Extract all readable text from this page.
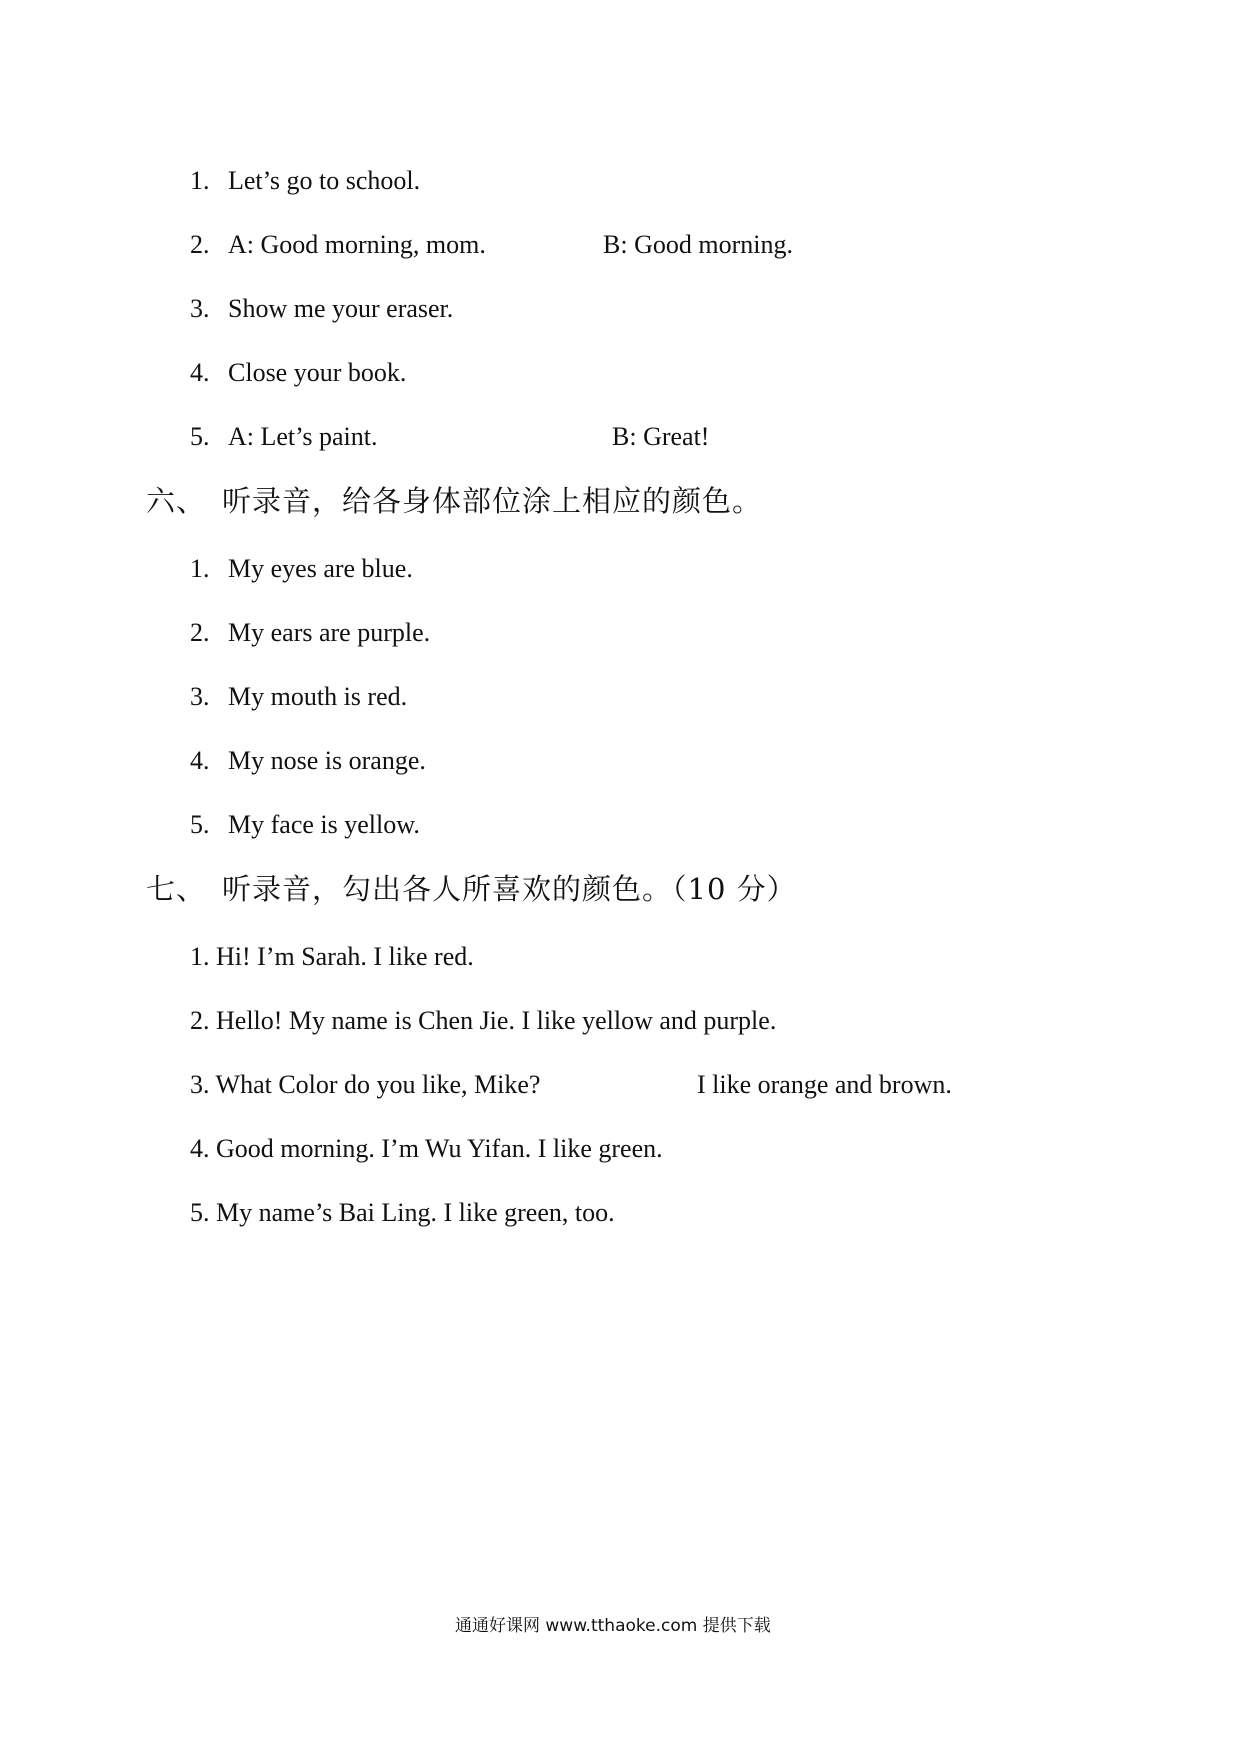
1. Let’s go to school.
2. A: Good morning, mom.	B: Good morning.
3. Show me your eraser.
4. Close your book.
5. A: Let’s paint.	B: Great!
六、 听录音，给各身体部位涂上相应的颜色。
1. My eyes are blue.
2. My ears are purple.
3. My mouth is red.
4. My nose is orange.
5. My face is yellow.
七、 听录音，勾出各人所喜欢的颜色。（10 分）
1. Hi! I’m Sarah. I like red.
2. Hello! My name is Chen Jie. I like yellow and purple.
3. What Color do you like, Mike?	I like orange and brown.
4. Good morning. I’m Wu Yifan. I like green.
5. My name’s Bai Ling. I like green, too.
通通好课网 www.tthaoke.com 提供下载
